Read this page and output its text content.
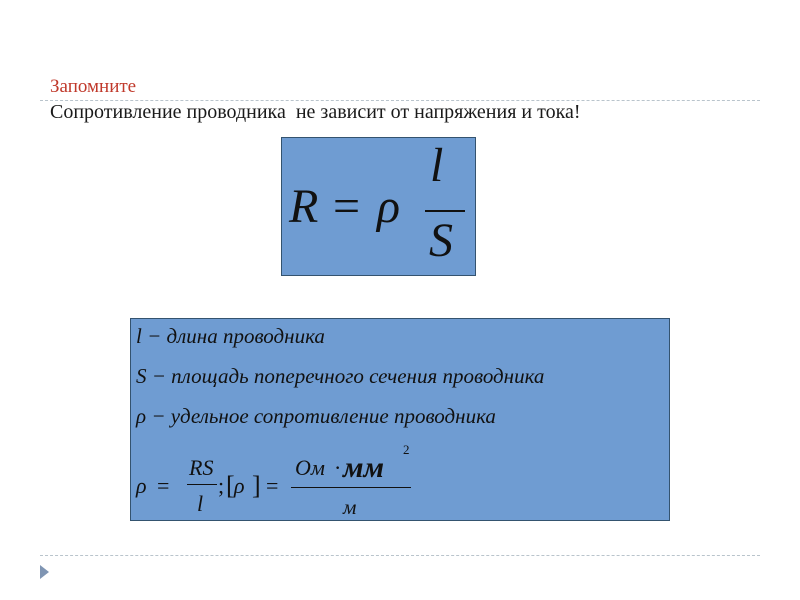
Запомните
Сопротивление проводника  не зависит от напряжения и тока!
R = ρ
l
S
l − длина проводника
S − площадь поперечного сечения проводника
ρ − удельное сопротивление проводника
ρ =
RS
l
; [ ρ ] =
Ом · мм
2
м
